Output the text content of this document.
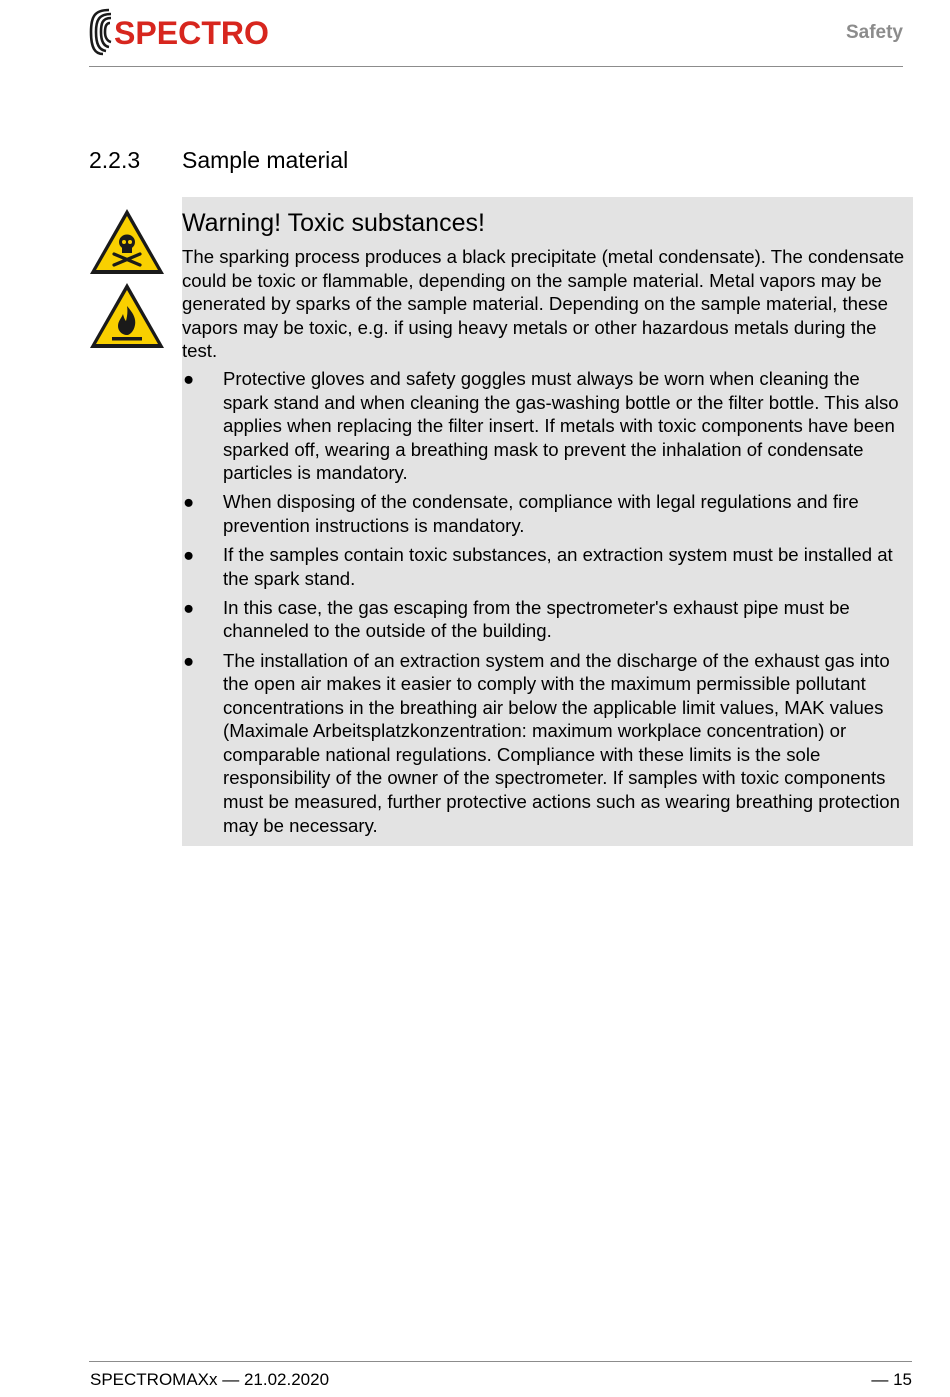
SPECTRO	Safety
2.2.3	Sample material

Warning! Toxic substances!

The sparking process produces a black precipitate (metal condensate). The condensate could be toxic or flammable, depending on the sample material. Metal vapors may be generated by sparks of the sample material. Depending on the sample material, these vapors may be toxic, e.g. if using heavy metals or other hazardous metals during the test.

● Protective gloves and safety goggles must always be worn when cleaning the spark stand and when cleaning the gas-washing bottle or the filter bottle. This also applies when replacing the filter insert. If metals with toxic components have been sparked off, wearing a breathing mask to prevent the inhalation of condensate particles is mandatory.
● When disposing of the condensate, compliance with legal regulations and fire prevention instructions is mandatory.
● If the samples contain toxic substances, an extraction system must be installed at the spark stand.
● In this case, the gas escaping from the spectrometer's exhaust pipe must be channeled to the outside of the building.
● The installation of an extraction system and the discharge of the exhaust gas into the open air makes it easier to comply with the maximum permissible pollutant concentrations in the breathing air below the applicable limit values, MAK values (Maximale Arbeitsplatzkonzentration: maximum workplace concentration) or comparable national regulations. Compliance with these limits is the sole responsibility of the owner of the spectrometer. If samples with toxic components must be measured, further protective actions such as wearing breathing protection may be necessary.
SPECTROMAXx — 21.02.2020	— 15
